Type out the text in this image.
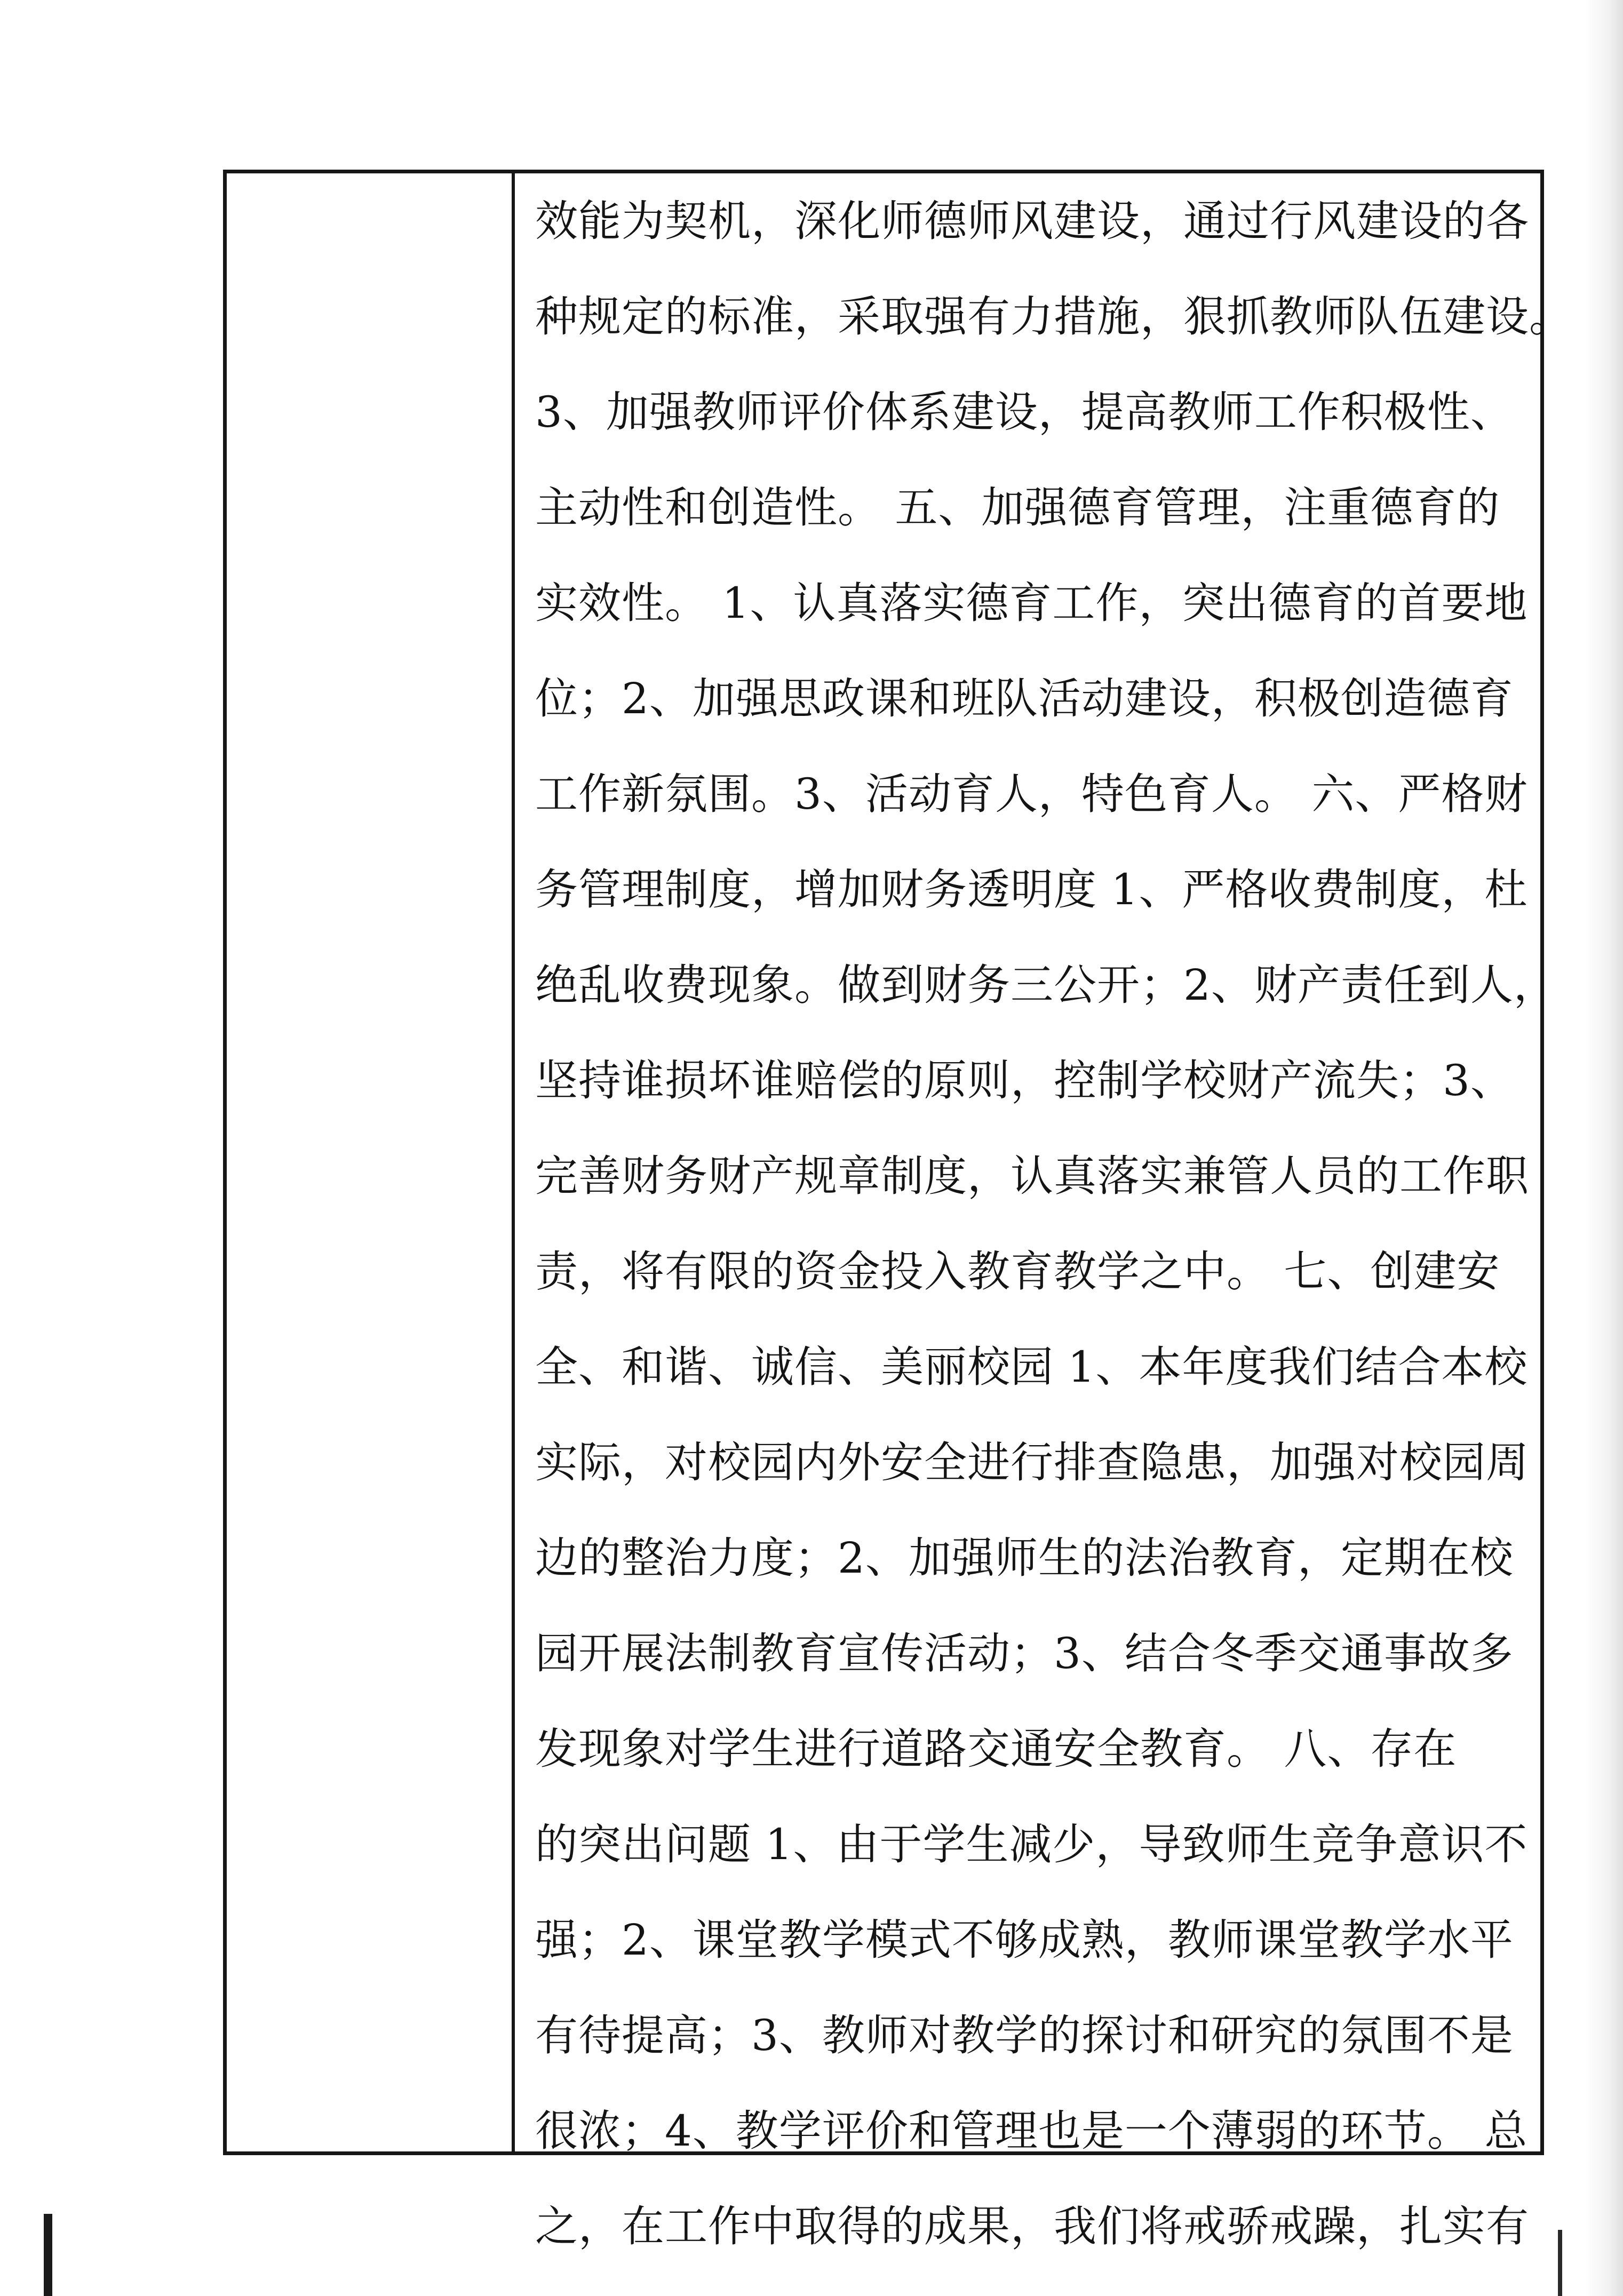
效能为契机，深化师德师风建设，通过行风建设的各
种规定的标准，采取强有力措施，狠抓教师队伍建设。
3、加强教师评价体系建设，提高教师工作积极性、
主动性和创造性。 五、加强德育管理，注重德育的
实效性。 1、认真落实德育工作，突出德育的首要地
位；2、加强思政课和班队活动建设，积极创造德育
工作新氛围。3、活动育人，特色育人。 六、严格财
务管理制度，增加财务透明度 1、严格收费制度，杜
绝乱收费现象。做到财务三公开；2、财产责任到人，
坚持谁损坏谁赔偿的原则，控制学校财产流失；3、
完善财务财产规章制度，认真落实兼管人员的工作职
责，将有限的资金投入教育教学之中。 七、创建安
全、和谐、诚信、美丽校园 1、本年度我们结合本校
实际，对校园内外安全进行排查隐患，加强对校园周
边的整治力度；2、加强师生的法治教育，定期在校
园开展法制教育宣传活动；3、结合冬季交通事故多
发现象对学生进行道路交通安全教育。 八、存在
的突出问题 1、由于学生减少，导致师生竞争意识不
强；2、课堂教学模式不够成熟，教师课堂教学水平
有待提高；3、教师对教学的探讨和研究的氛围不是
很浓；4、教学评价和管理也是一个薄弱的环节。 总
之，在工作中取得的成果，我们将戒骄戒躁，扎实有
